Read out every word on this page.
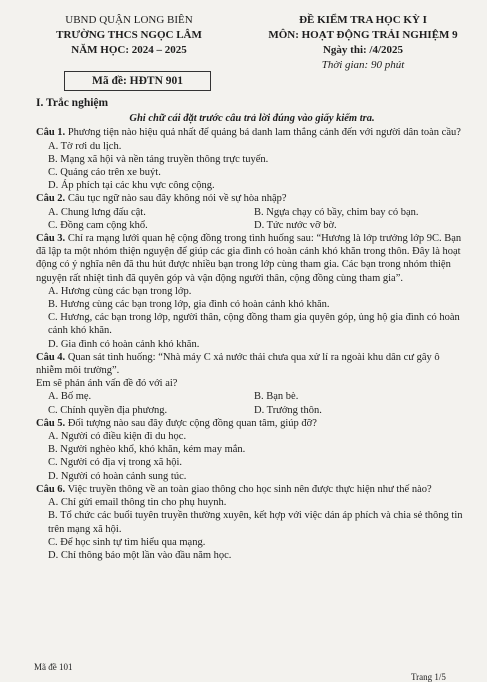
UBND QUẬN LONG BIÊN
TRƯỜNG THCS NGỌC LÂM
NĂM HỌC: 2024 – 2025
ĐỀ KIỂM TRA HỌC KỲ I
MÔN: HOẠT ĐỘNG TRẢI NGHIỆM 9
Ngày thi: /4/2025
Thời gian: 90 phút
Mã đề: HĐTN 901
I. Trắc nghiệm
Ghi chữ cái đặt trước câu trả lời đúng vào giấy kiểm tra.
Câu 1. Phương tiện nào hiệu quả nhất để quảng bá danh lam thắng cảnh đến với người dân toàn cầu?
A. Tờ rơi du lịch.
B. Mạng xã hội và nền tảng truyền thông trực tuyến.
C. Quảng cáo trên xe buýt.
D. Áp phích tại các khu vực công cộng.
Câu 2. Câu tục ngữ nào sau đây không nói về sự hòa nhập?
A. Chung lưng đấu cật.	B. Ngựa chạy có bầy, chim bay có bạn.
C. Đồng cam cộng khổ.	D. Tức nước vỡ bờ.
Câu 3. Chỉ ra mạng lưới quan hệ cộng đồng trong tình huống sau: “Hương là lớp trưởng lớp 9C. Bạn đã lập ta một nhóm thiện nguyện để giúp các gia đình có hoàn cảnh khó khăn trong thôn. Đây là hoạt động có ý nghĩa nên đã thu hút được nhiều bạn trong lớp cùng tham gia. Các bạn trong nhóm thiện nguyện rất nhiệt tình đã quyên góp và vận động người thân, cộng đồng cùng tham gia”.
A. Hương cùng các bạn trong lớp.
B. Hương cùng các bạn trong lớp, gia đình có hoàn cảnh khó khăn.
C. Hương, các bạn trong lớp, người thân, cộng đồng tham gia quyên góp, ủng hộ gia đình có hoàn cảnh khó khăn.
D. Gia đình có hoàn cảnh khó khăn.
Câu 4. Quan sát tình huống: “Nhà máy C xả nước thải chưa qua xử lí ra ngoài khu dân cư gây ô nhiễm môi trường”.
Em sẽ phản ánh vấn đề đó với ai?
A. Bố mẹ.	B. Bạn bè.
C. Chính quyền địa phương.	D. Trưởng thôn.
Câu 5. Đối tượng nào sau đây được cộng đồng quan tâm, giúp đỡ?
A. Người có điều kiện đi du học.
B. Người nghèo khổ, khó khăn, kém may mắn.
C. Người có địa vị trong xã hội.
D. Người có hoàn cảnh sung túc.
Câu 6. Việc truyền thông về an toàn giao thông cho học sinh nên được thực hiện như thế nào?
A. Chỉ gửi email thông tin cho phụ huynh.
B. Tổ chức các buổi tuyên truyền thường xuyên, kết hợp với việc dán áp phích và chia sẻ thông tin trên mạng xã hội.
C. Để học sinh tự tìm hiểu qua mạng.
D. Chỉ thông báo một lần vào đầu năm học.
Mã đề 101
Trang 1/5
